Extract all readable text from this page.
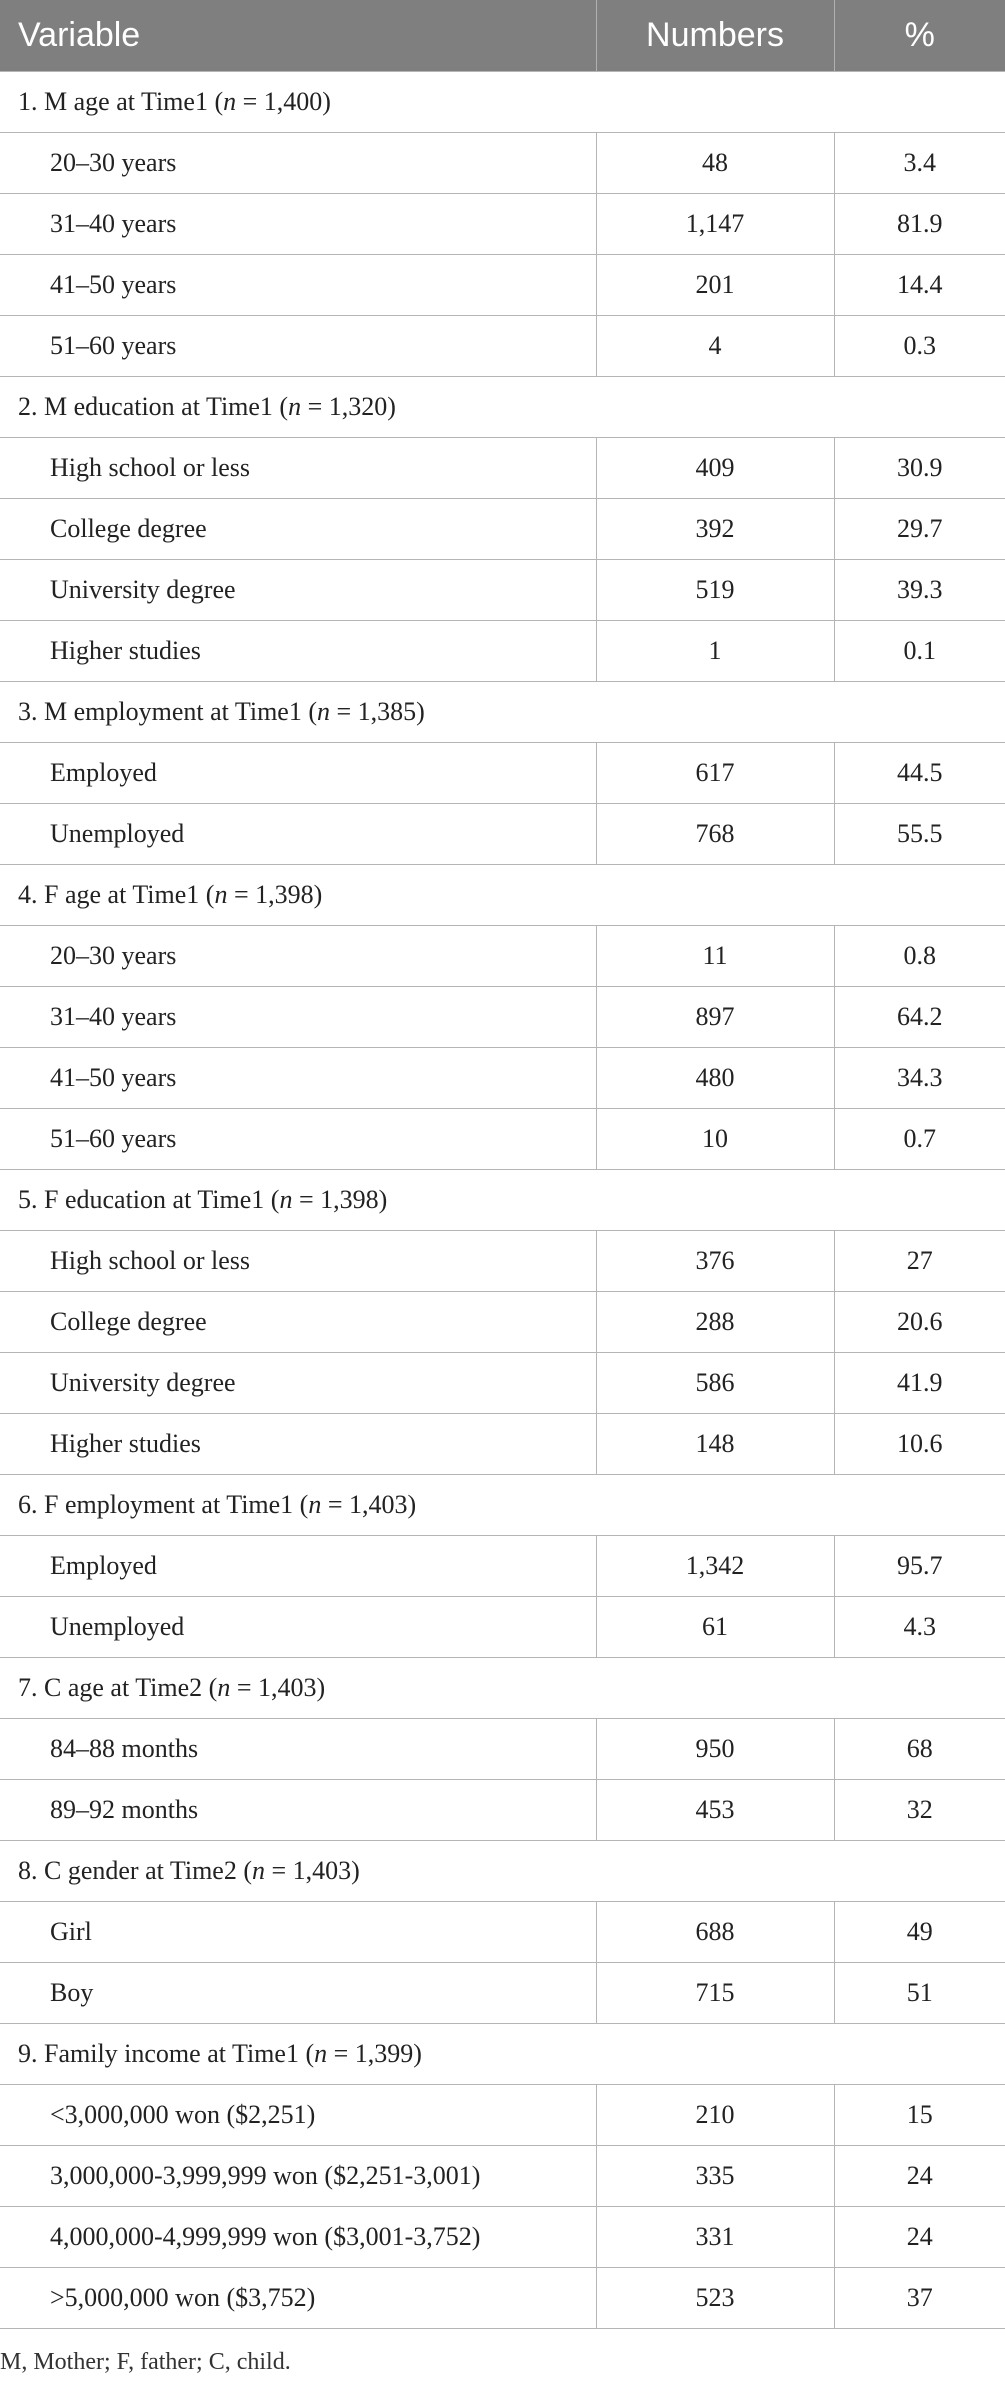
Variable	Numbers	%
1. M age at Time1 (n = 1,400)		
20–30 years	48	3.4
31–40 years	1,147	81.9
41–50 years	201	14.4
51–60 years	4	0.3
2. M education at Time1 (n = 1,320)		
High school or less	409	30.9
College degree	392	29.7
University degree	519	39.3
Higher studies	1	0.1
3. M employment at Time1 (n = 1,385)		
Employed	617	44.5
Unemployed	768	55.5
4. F age at Time1 (n = 1,398)		
20–30 years	11	0.8
31–40 years	897	64.2
41–50 years	480	34.3
51–60 years	10	0.7
5. F education at Time1 (n = 1,398)		
High school or less	376	27
College degree	288	20.6
University degree	586	41.9
Higher studies	148	10.6
6. F employment at Time1 (n = 1,403)		
Employed	1,342	95.7
Unemployed	61	4.3
7. C age at Time2 (n = 1,403)		
84–88 months	950	68
89–92 months	453	32
8. C gender at Time2 (n = 1,403)		
Girl	688	49
Boy	715	51
9. Family income at Time1 (n = 1,399)		
<3,000,000 won ($2,251)	210	15
3,000,000-3,999,999 won ($2,251-3,001)	335	24
4,000,000-4,999,999 won ($3,001-3,752)	331	24
>5,000,000 won ($3,752)	523	37
M, Mother; F, father; C, child.
